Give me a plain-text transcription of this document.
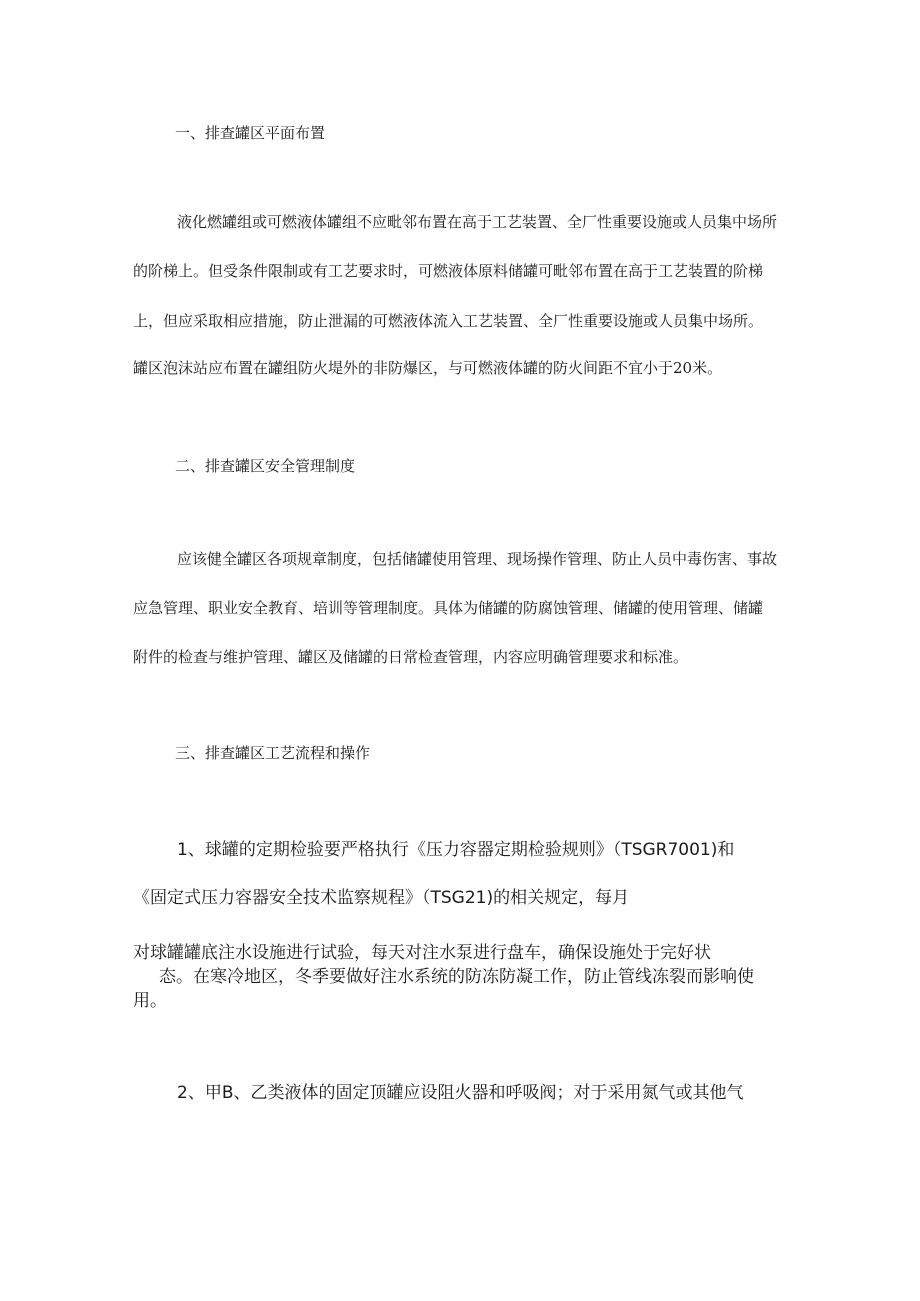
一、排查罐区平面布置
液化燃罐组或可燃液体罐组不应毗邻布置在高于工艺装置、全厂性重要设施或人员集中场所
的阶梯上。但受条件限制或有工艺要求时，可燃液体原料储罐可毗邻布置在高于工艺装置的阶梯
上，但应采取相应措施，防止泄漏的可燃液体流入工艺装置、全厂性重要设施或人员集中场所。
罐区泡沫站应布置在罐组防火堤外的非防爆区，与可燃液体罐的防火间距不宜小于20米。
二、排查罐区安全管理制度
应该健全罐区各项规章制度，包括储罐使用管理、现场操作管理、防止人员中毒伤害、事故
应急管理、职业安全教育、培训等管理制度。具体为储罐的防腐蚀管理、储罐的使用管理、储罐
附件的检查与维护管理、罐区及储罐的日常检查管理，内容应明确管理要求和标准。
三、排查罐区工艺流程和操作
1、球罐的定期检验要严格执行《压力容器定期检验规则》（TSGR7001)和
《固定式压力容器安全技术监察规程》（TSG21)的相关规定，每月
对球罐罐底注水设施进行试验，每天对注水泵进行盘车，确保设施处于完好状
态。在寒冷地区，冬季要做好注水系统的防冻防凝工作，防止管线冻裂而影响使
用。
2、甲B、乙类液体的固定顶罐应设阻火器和呼吸阀；对于采用氮气或其他气
